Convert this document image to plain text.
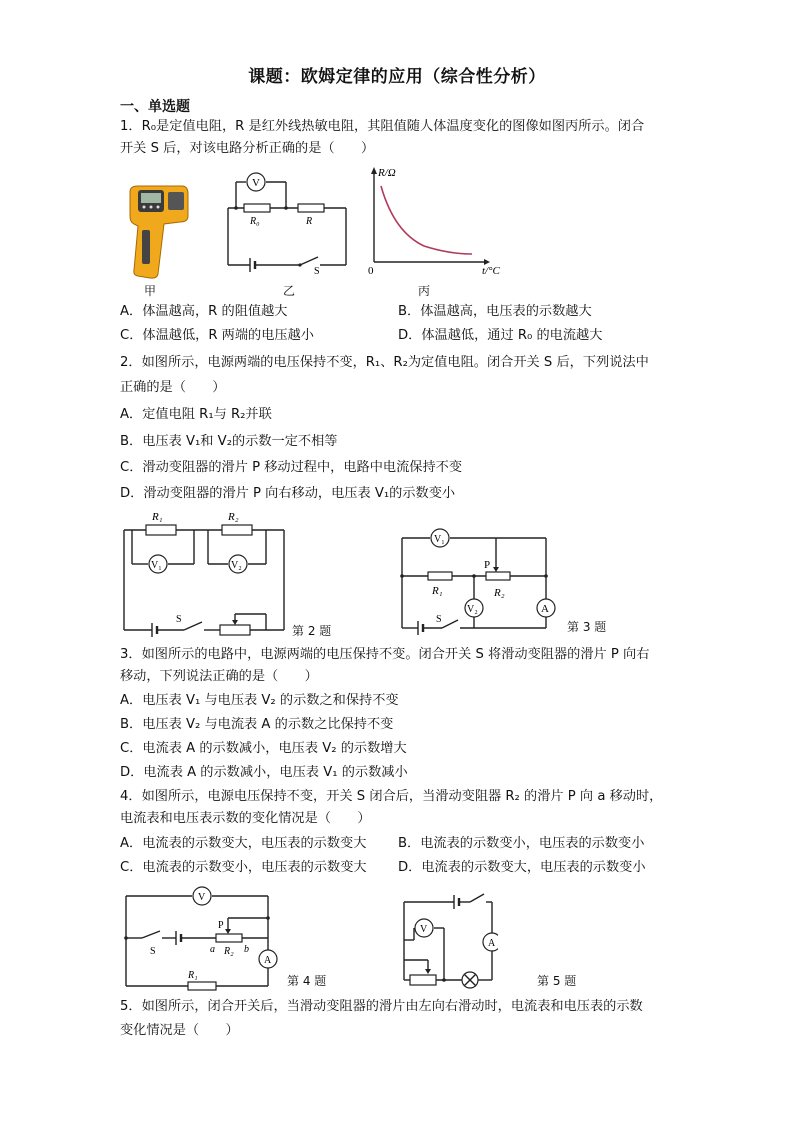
课题：欧姆定律的应用（综合性分析）
一、单选题
1．R₀是定值电阻，R 是红外线热敏电阻，其阻值随人体温度变化的图像如图丙所示。闭合
开关 S 后，对该电路分析正确的是（　　）
甲
V
R₀	R
S
乙
R/Ω
0	t/°C
丙
A．体温越高，R 的阻值越大	B．体温越高，电压表的示数越大
C．体温越低，R 两端的电压越小	D．体温越低，通过 R₀ 的电流越大
2．如图所示，电源两端的电压保持不变，R₁、R₂为定值电阻。闭合开关 S 后，下列说法中
正确的是（　　）
A．定值电阻 R₁与 R₂并联
B．电压表 V₁和 V₂的示数一定不相等
C．滑动变阻器的滑片 P 移动过程中，电路中电流保持不变
D．滑动变阻器的滑片 P 向右移动，电压表 V₁的示数变小
R₁	R₂
V₁	V₂
S
第 2 题
V₁
P
R₁	R₂
V₂	A
S
第 3 题
3．如图所示的电路中，电源两端的电压保持不变。闭合开关 S 将滑动变阻器的滑片 P 向右
移动，下列说法正确的是（　　）
A．电压表 V₁ 与电压表 V₂ 的示数之和保持不变
B．电压表 V₂ 与电流表 A 的示数之比保持不变
C．电流表 A 的示数减小，电压表 V₂ 的示数增大
D．电流表 A 的示数减小，电压表 V₁ 的示数减小
4．如图所示，电源电压保持不变，开关 S 闭合后，当滑动变阻器 R₂ 的滑片 P 向 a 移动时，
电流表和电压表示数的变化情况是（　　）
A．电流表的示数变大，电压表的示数变大 B．电流表的示数变小，电压表的示数变小
C．电流表的示数变小，电压表的示数变大 D．电流表的示数变大，电压表的示数变小
V
A
P
a R₂ b
R₁
S
第 4 题
V
A
第 5 题
5．如图所示，闭合开关后，当滑动变阻器的滑片由左向右滑动时，电流表和电压表的示数
变化情况是（　　）
